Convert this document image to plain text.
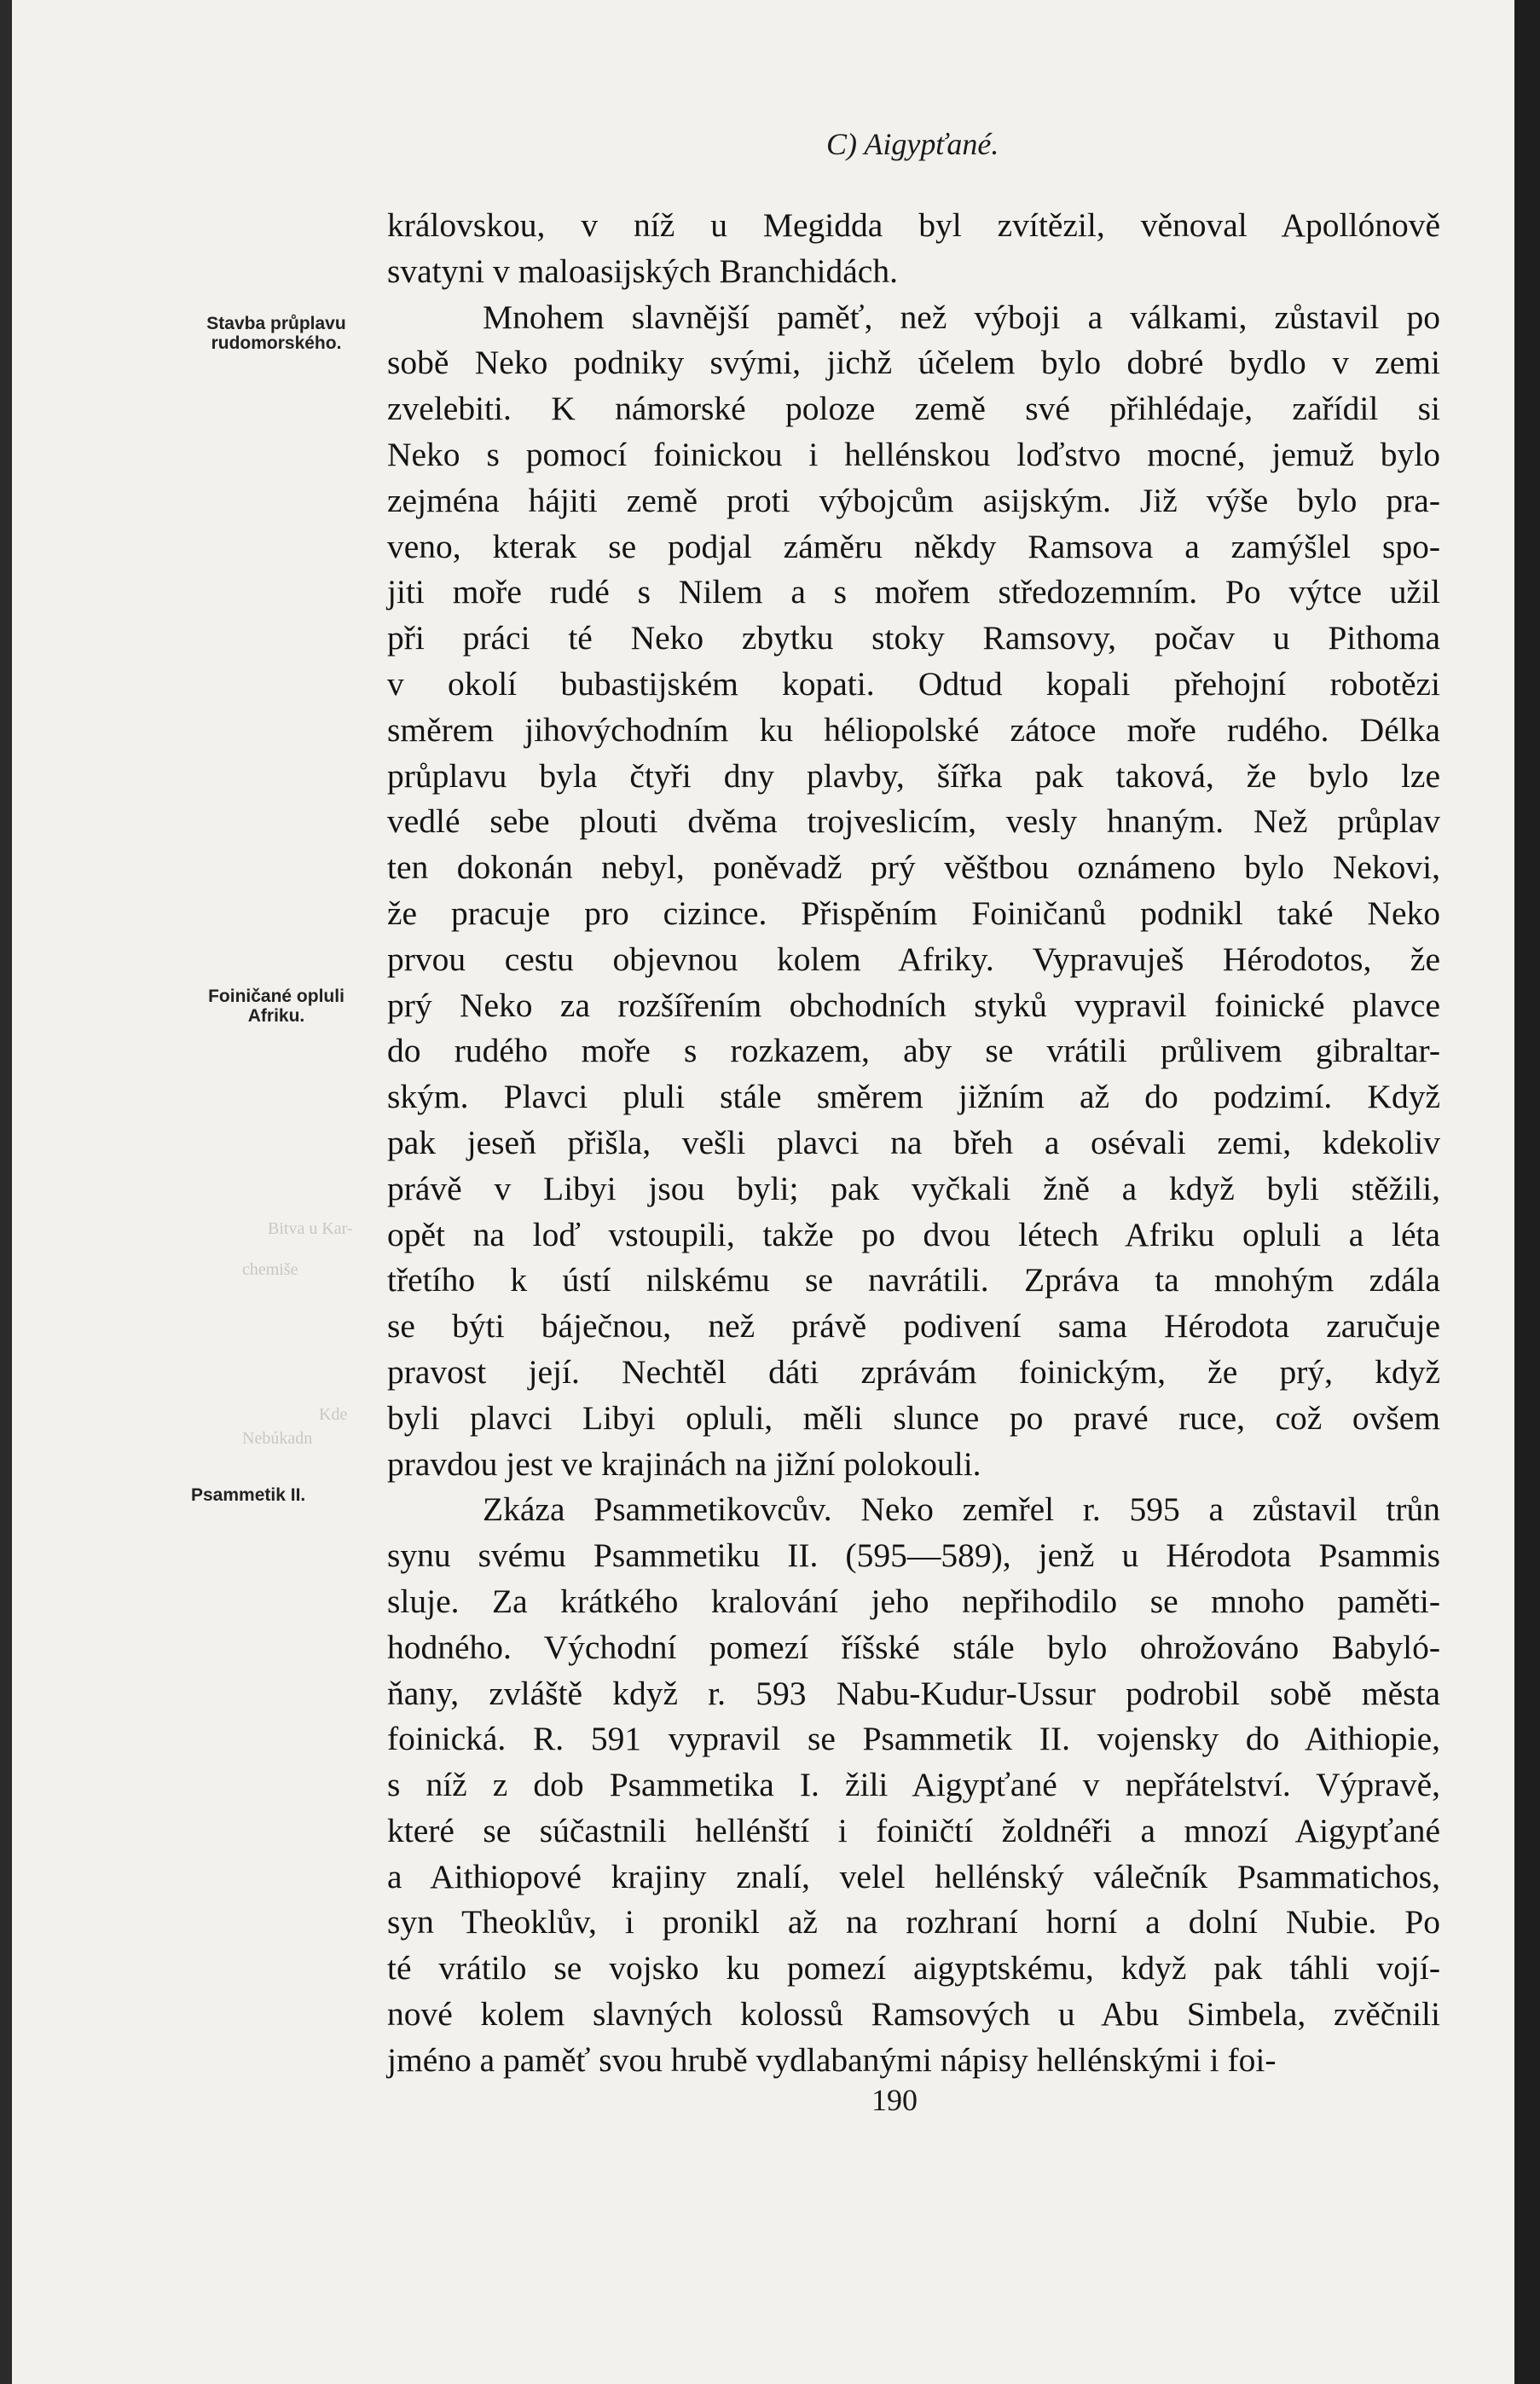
C) Aigypťané.
Stavba průplavu rudomorského.
Foiničané opluli Afriku.
Psammetik II.
Bitva u Kar-
chemiše
Kde
Nebúkadn
královskou, v níž u Megidda byl zvítězil, věnoval Apollónově
svatyni v maloasijských Branchidách.
Mnohem slavnější paměť, než výboji a válkami, zůstavil po
sobě Neko podniky svými, jichž účelem bylo dobré bydlo v zemi
zvelebiti. K námorské poloze země své přihlédaje, zařídil si
Neko s pomocí foinickou i hellénskou loďstvo mocné, jemuž bylo
zejména hájiti země proti výbojcům asijským. Již výše bylo pra-
veno, kterak se podjal záměru někdy Ramsova a zamýšlel spo-
jiti moře rudé s Nilem a s mořem středozemním. Po výtce užil
při práci té Neko zbytku stoky Ramsovy, počav u Pithoma
v okolí bubastijském kopati. Odtud kopali přehojní robotězi
směrem jihovýchodním ku héliopolské zátoce moře rudého. Délka
průplavu byla čtyři dny plavby, šířka pak taková, že bylo lze
vedlé sebe plouti dvěma trojveslicím, vesly hnaným. Než průplav
ten dokonán nebyl, poněvadž prý věštbou oznámeno bylo Nekovi,
že pracuje pro cizince. Přispěním Foiničanů podnikl také Neko
prvou cestu objevnou kolem Afriky. Vypravuješ Hérodotos, že
prý Neko za rozšířením obchodních styků vypravil foinické plavce
do rudého moře s rozkazem, aby se vrátili průlivem gibraltar-
ským. Plavci pluli stále směrem jižním až do podzimí. Když
pak jeseň přišla, vešli plavci na břeh a osévali zemi, kdekoliv
právě v Libyi jsou byli; pak vyčkali žně a když byli stěžili,
opět na loď vstoupili, takže po dvou létech Afriku opluli a léta
třetího k ústí nilskému se navrátili. Zpráva ta mnohým zdála
se býti báječnou, než právě podivení sama Hérodota zaručuje
pravost její. Nechtěl dáti zprávám foinickým, že prý, když
byli plavci Libyi opluli, měli slunce po pravé ruce, což ovšem
pravdou jest ve krajinách na jižní polokouli.
Zkáza Psammetikovcův. Neko zemřel r. 595 a zůstavil trůn
synu svému Psammetiku II. (595—589), jenž u Hérodota Psammis
sluje. Za krátkého kralování jeho nepřihodilo se mnoho paměti-
hodného. Východní pomezí říšské stále bylo ohrožováno Babyló-
ňany, zvláště když r. 593 Nabu-Kudur-Ussur podrobil sobě města
foinická. R. 591 vypravil se Psammetik II. vojensky do Aithiopie,
s níž z dob Psammetika I. žili Aigypťané v nepřátelství. Výpravě,
které se súčastnili hellénští i foiničtí žoldnéři a mnozí Aigypťané
a Aithiopové krajiny znalí, velel hellénský válečník Psammatichos,
syn Theoklův, i pronikl až na rozhraní horní a dolní Nubie. Po
té vrátilo se vojsko ku pomezí aigyptskému, když pak táhli vojí-
nové kolem slavných kolossů Ramsových u Abu Simbela, zvěčnili
jméno a paměť svou hrubě vydlabanými nápisy hellénskými i foi-
190
